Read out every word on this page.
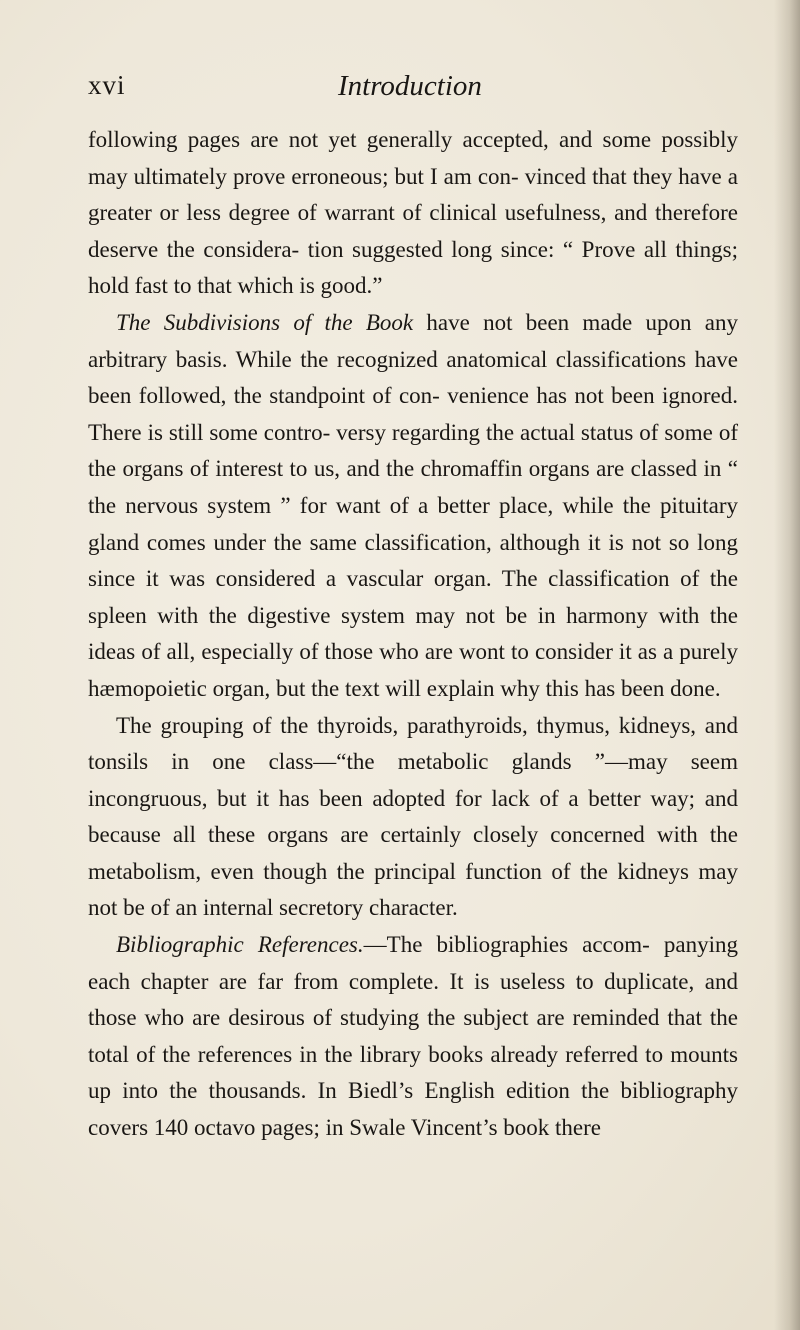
xvi	Introduction

following pages are not yet generally accepted, and some possibly may ultimately prove erroneous; but I am con- vinced that they have a greater or less degree of warrant of clinical usefulness, and therefore deserve the considera- tion suggested long since: “ Prove all things; hold fast to that which is good.”

The Subdivisions of the Book have not been made upon any arbitrary basis. While the recognized anatomical classifications have been followed, the standpoint of con- venience has not been ignored. There is still some contro- versy regarding the actual status of some of the organs of interest to us, and the chromaffin organs are classed in “ the nervous system ” for want of a better place, while the pituitary gland comes under the same classification, although it is not so long since it was considered a vascular organ. The classification of the spleen with the digestive system may not be in harmony with the ideas of all, especially of those who are wont to consider it as a purely hæmopoietic organ, but the text will explain why this has been done.

The grouping of the thyroids, parathyroids, thymus, kidneys, and tonsils in one class—“the metabolic glands ”—may seem incongruous, but it has been adopted for lack of a better way; and because all these organs are certainly closely concerned with the metabolism, even though the principal function of the kidneys may not be of an internal secretory character.

Bibliographic References.—The bibliographies accom- panying each chapter are far from complete. It is useless to duplicate, and those who are desirous of studying the subject are reminded that the total of the references in the library books already referred to mounts up into the thousands. In Biedl’s English edition the bibliography covers 140 octavo pages; in Swale Vincent’s book there
